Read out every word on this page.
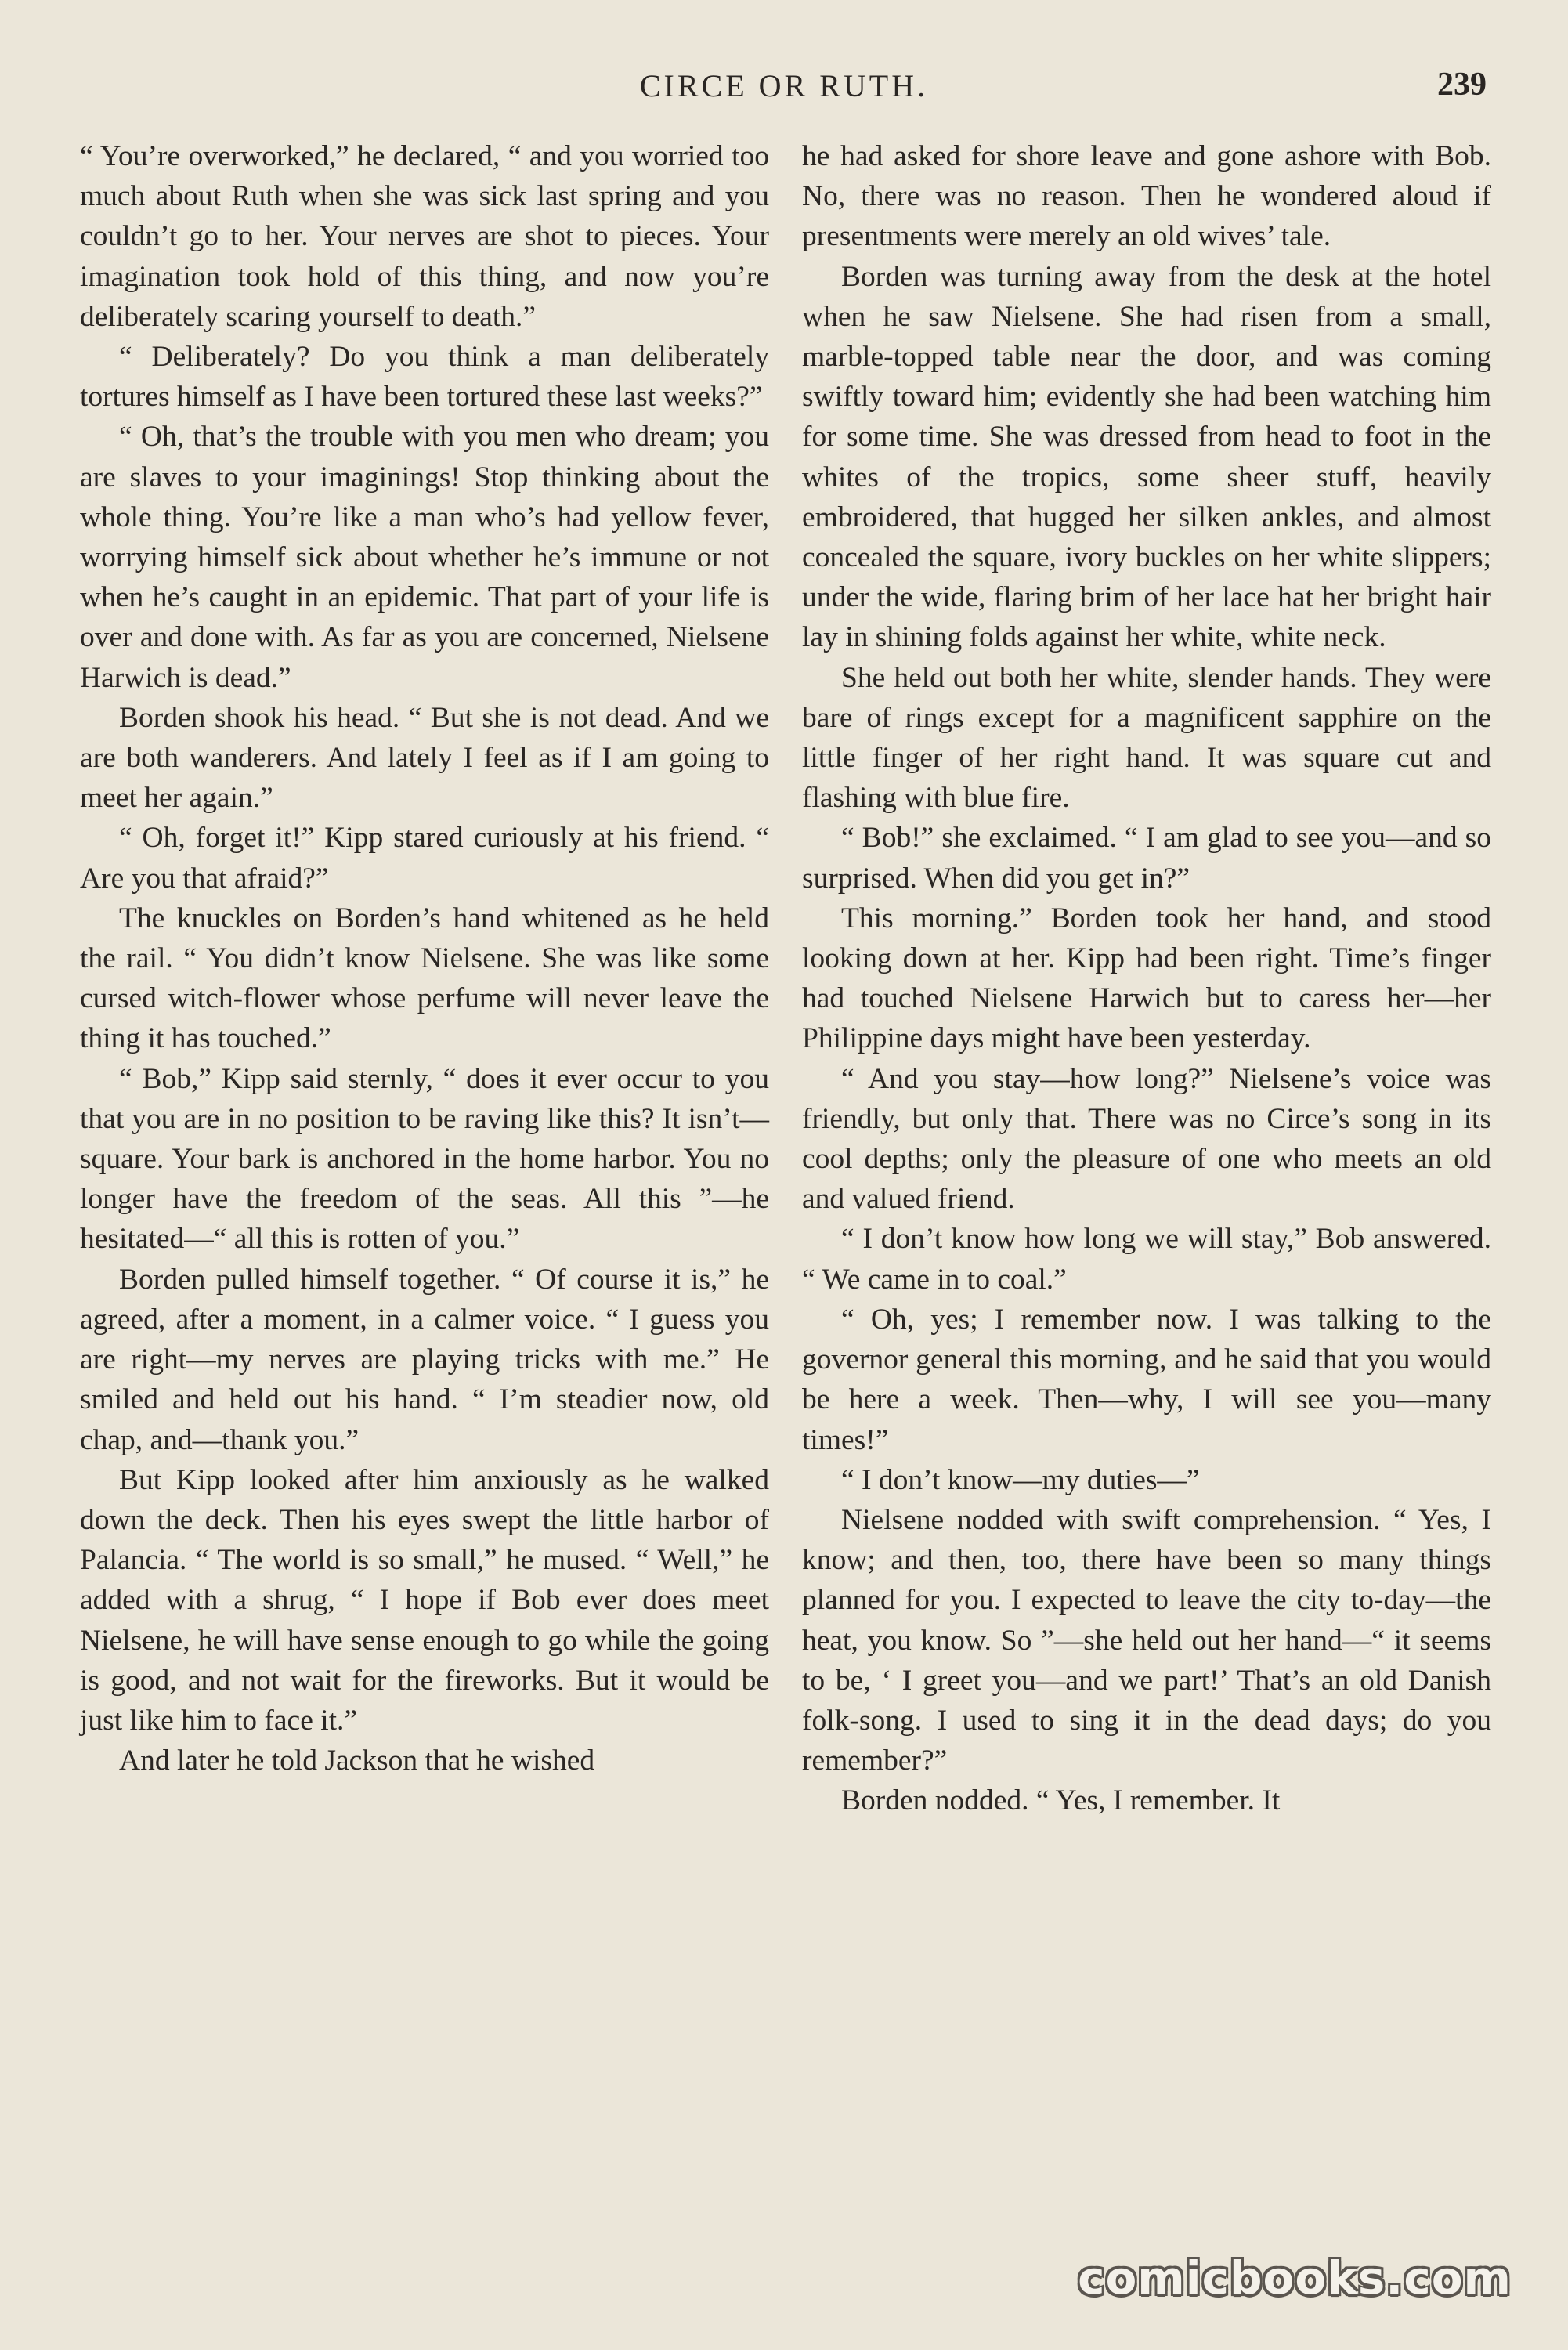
CIRCE OR RUTH.	239

“ You’re overworked,” he declared, “ and you worried too much about Ruth when she was sick last spring and you couldn’t go to her. Your nerves are shot to pieces. Your imagination took hold of this thing, and now you’re deliberately scaring yourself to death.”

“ Deliberately? Do you think a man deliberately tortures himself as I have been tortured these last weeks?”

“ Oh, that’s the trouble with you men who dream; you are slaves to your imaginings! Stop thinking about the whole thing. You’re like a man who’s had yellow fever, worrying himself sick about whether he’s immune or not when he’s caught in an epidemic. That part of your life is over and done with. As far as you are concerned, Nielsene Harwich is dead.”

Borden shook his head. “ But she is not dead. And we are both wanderers. And lately I feel as if I am going to meet her again.”

“ Oh, forget it!” Kipp stared curiously at his friend. “ Are you that afraid?”

The knuckles on Borden’s hand whitened as he held the rail. “ You didn’t know Nielsene. She was like some cursed witch-flower whose perfume will never leave the thing it has touched.”

“ Bob,” Kipp said sternly, “ does it ever occur to you that you are in no position to be raving like this? It isn’t—square. Your bark is anchored in the home harbor. You no longer have the freedom of the seas. All this ”—he hesitated—“ all this is rotten of you.”

Borden pulled himself together. “ Of course it is,” he agreed, after a moment, in a calmer voice. “ I guess you are right—my nerves are playing tricks with me.” He smiled and held out his hand. “ I’m steadier now, old chap, and—thank you.”

But Kipp looked after him anxiously as he walked down the deck. Then his eyes swept the little harbor of Palancia. “ The world is so small,” he mused. “ Well,” he added with a shrug, “ I hope if Bob ever does meet Nielsene, he will have sense enough to go while the going is good, and not wait for the fireworks. But it would be just like him to face it.”

And later he told Jackson that he wished

he had asked for shore leave and gone ashore with Bob. No, there was no reason. Then he wondered aloud if presentments were merely an old wives’ tale.

Borden was turning away from the desk at the hotel when he saw Nielsene. She had risen from a small, marble-topped table near the door, and was coming swiftly toward him; evidently she had been watching him for some time. She was dressed from head to foot in the whites of the tropics, some sheer stuff, heavily embroidered, that hugged her silken ankles, and almost concealed the square, ivory buckles on her white slippers; under the wide, flaring brim of her lace hat her bright hair lay in shining folds against her white, white neck.

She held out both her white, slender hands. They were bare of rings except for a magnificent sapphire on the little finger of her right hand. It was square cut and flashing with blue fire.

“ Bob!” she exclaimed. “ I am glad to see you—and so surprised. When did you get in?”

This morning.” Borden took her hand, and stood looking down at her. Kipp had been right. Time’s finger had touched Nielsene Harwich but to caress her—her Philippine days might have been yesterday.

“ And you stay—how long?” Nielsene’s voice was friendly, but only that. There was no Circe’s song in its cool depths; only the pleasure of one who meets an old and valued friend.

“ I don’t know how long we will stay,” Bob answered. “ We came in to coal.”

“ Oh, yes; I remember now. I was talking to the governor general this morning, and he said that you would be here a week. Then—why, I will see you—many times!”

“ I don’t know—my duties—”

Nielsene nodded with swift comprehension. “ Yes, I know; and then, too, there have been so many things planned for you. I expected to leave the city to-day—the heat, you know. So ”—she held out her hand—“ it seems to be, ‘ I greet you—and we part!’ That’s an old Danish folk-song. I used to sing it in the dead days; do you remember?”

Borden nodded. “ Yes, I remember. It

comicbooks.com
